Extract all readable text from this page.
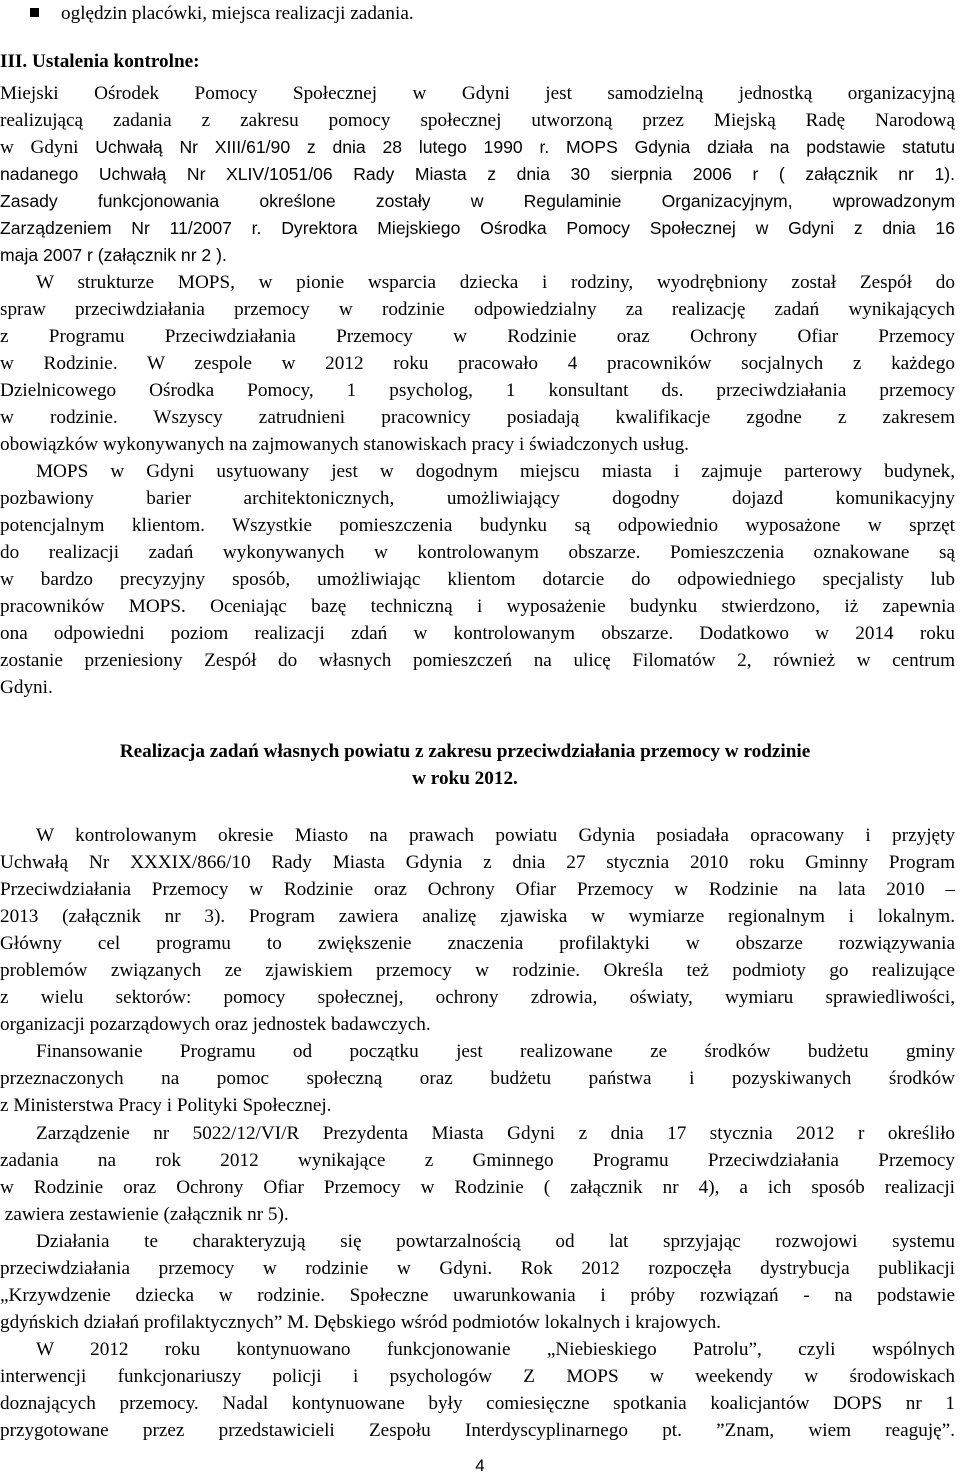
oględzin placówki, miejsca realizacji zadania.
III. Ustalenia kontrolne:
Miejski Ośrodek Pomocy Społecznej w Gdyni jest samodzielną jednostką organizacyjną
realizującą zadania z zakresu pomocy społecznej utworzoną przez Miejską Radę Narodową
w Gdyni Uchwałą Nr XIII/61/90 z dnia 28 lutego 1990 r. MOPS Gdynia działa na podstawie statutu
nadanego Uchwałą Nr XLIV/1051/06 Rady Miasta z dnia 30 sierpnia 2006 r ( załącznik nr 1).
Zasady funkcjonowania określone zostały w Regulaminie Organizacyjnym, wprowadzonym
Zarządzeniem Nr 11/2007 r. Dyrektora Miejskiego Ośrodka Pomocy Społecznej w Gdyni z dnia 16
maja 2007 r (załącznik nr 2 ).
W strukturze MOPS, w pionie wsparcia dziecka i rodziny, wyodrębniony został Zespół do
spraw przeciwdziałania przemocy w rodzinie odpowiedzialny za realizację zadań wynikających
z Programu Przeciwdziałania Przemocy w Rodzinie oraz Ochrony Ofiar Przemocy
w Rodzinie. W zespole w 2012 roku pracowało 4 pracowników socjalnych z każdego
Dzielnicowego Ośrodka Pomocy, 1 psycholog, 1 konsultant ds. przeciwdziałania przemocy
w rodzinie. Wszyscy zatrudnieni pracownicy posiadają kwalifikacje zgodne z zakresem
obowiązków wykonywanych na zajmowanych stanowiskach pracy i świadczonych usług.
MOPS w Gdyni usytuowany jest w dogodnym miejscu miasta i zajmuje parterowy budynek,
pozbawiony barier architektonicznych, umożliwiający dogodny dojazd komunikacyjny
potencjalnym klientom. Wszystkie pomieszczenia budynku są odpowiednio wyposażone w sprzęt
do realizacji zadań wykonywanych w kontrolowanym obszarze. Pomieszczenia oznakowane są
w bardzo precyzyjny sposób, umożliwiając klientom dotarcie do odpowiedniego specjalisty lub
pracowników MOPS. Oceniając bazę techniczną i wyposażenie budynku stwierdzono, iż zapewnia
ona odpowiedni poziom realizacji zdań w kontrolowanym obszarze. Dodatkowo w 2014 roku
zostanie przeniesiony Zespół do własnych pomieszczeń na ulicę Filomatów 2, również w centrum
Gdyni.
Realizacja zadań własnych powiatu z zakresu przeciwdziałania przemocy w rodzinie
w roku 2012.
W kontrolowanym okresie Miasto na prawach powiatu Gdynia posiadała opracowany i przyjęty
Uchwałą Nr XXXIX/866/10 Rady Miasta Gdynia z dnia 27 stycznia 2010 roku Gminny Program
Przeciwdziałania Przemocy w Rodzinie oraz Ochrony Ofiar Przemocy w Rodzinie na lata 2010 –
2013 (załącznik nr 3). Program zawiera analizę zjawiska w wymiarze regionalnym i lokalnym.
Główny cel programu to zwiększenie znaczenia profilaktyki w obszarze rozwiązywania
problemów związanych ze zjawiskiem przemocy w rodzinie. Określa też podmioty go realizujące
z wielu sektorów: pomocy społecznej, ochrony zdrowia, oświaty, wymiaru sprawiedliwości,
organizacji pozarządowych oraz jednostek badawczych.
Finansowanie Programu od początku jest realizowane ze środków budżetu gminy
przeznaczonych na pomoc społeczną oraz budżetu państwa i pozyskiwanych środków
z Ministerstwa Pracy i Polityki Społecznej.
Zarządzenie nr 5022/12/VI/R Prezydenta Miasta Gdyni z dnia 17 stycznia 2012 r określiło
zadania na rok 2012 wynikające z Gminnego Programu Przeciwdziałania Przemocy
w Rodzinie oraz Ochrony Ofiar Przemocy w Rodzinie ( załącznik nr 4), a ich sposób realizacji
zawiera zestawienie (załącznik nr 5).
Działania te charakteryzują się powtarzalnością od lat sprzyjając rozwojowi systemu
przeciwdziałania przemocy w rodzinie w Gdyni. Rok 2012 rozpoczęła dystrybucja publikacji
„Krzywdzenie dziecka w rodzinie. Społeczne uwarunkowania i próby rozwiązań - na podstawie
gdyńskich działań profilaktycznych” M. Dębskiego wśród podmiotów lokalnych i krajowych.
W 2012 roku kontynuowano funkcjonowanie „Niebieskiego Patrolu”, czyli wspólnych
interwencji funkcjonariuszy policji i psychologów Z MOPS w weekendy w środowiskach
doznających przemocy. Nadal kontynuowane były comiesięczne spotkania koalicjantów DOPS nr 1
przygotowane przez przedstawicieli Zespołu Interdyscyplinarnego pt. ”Znam, wiem reaguję”.
4
